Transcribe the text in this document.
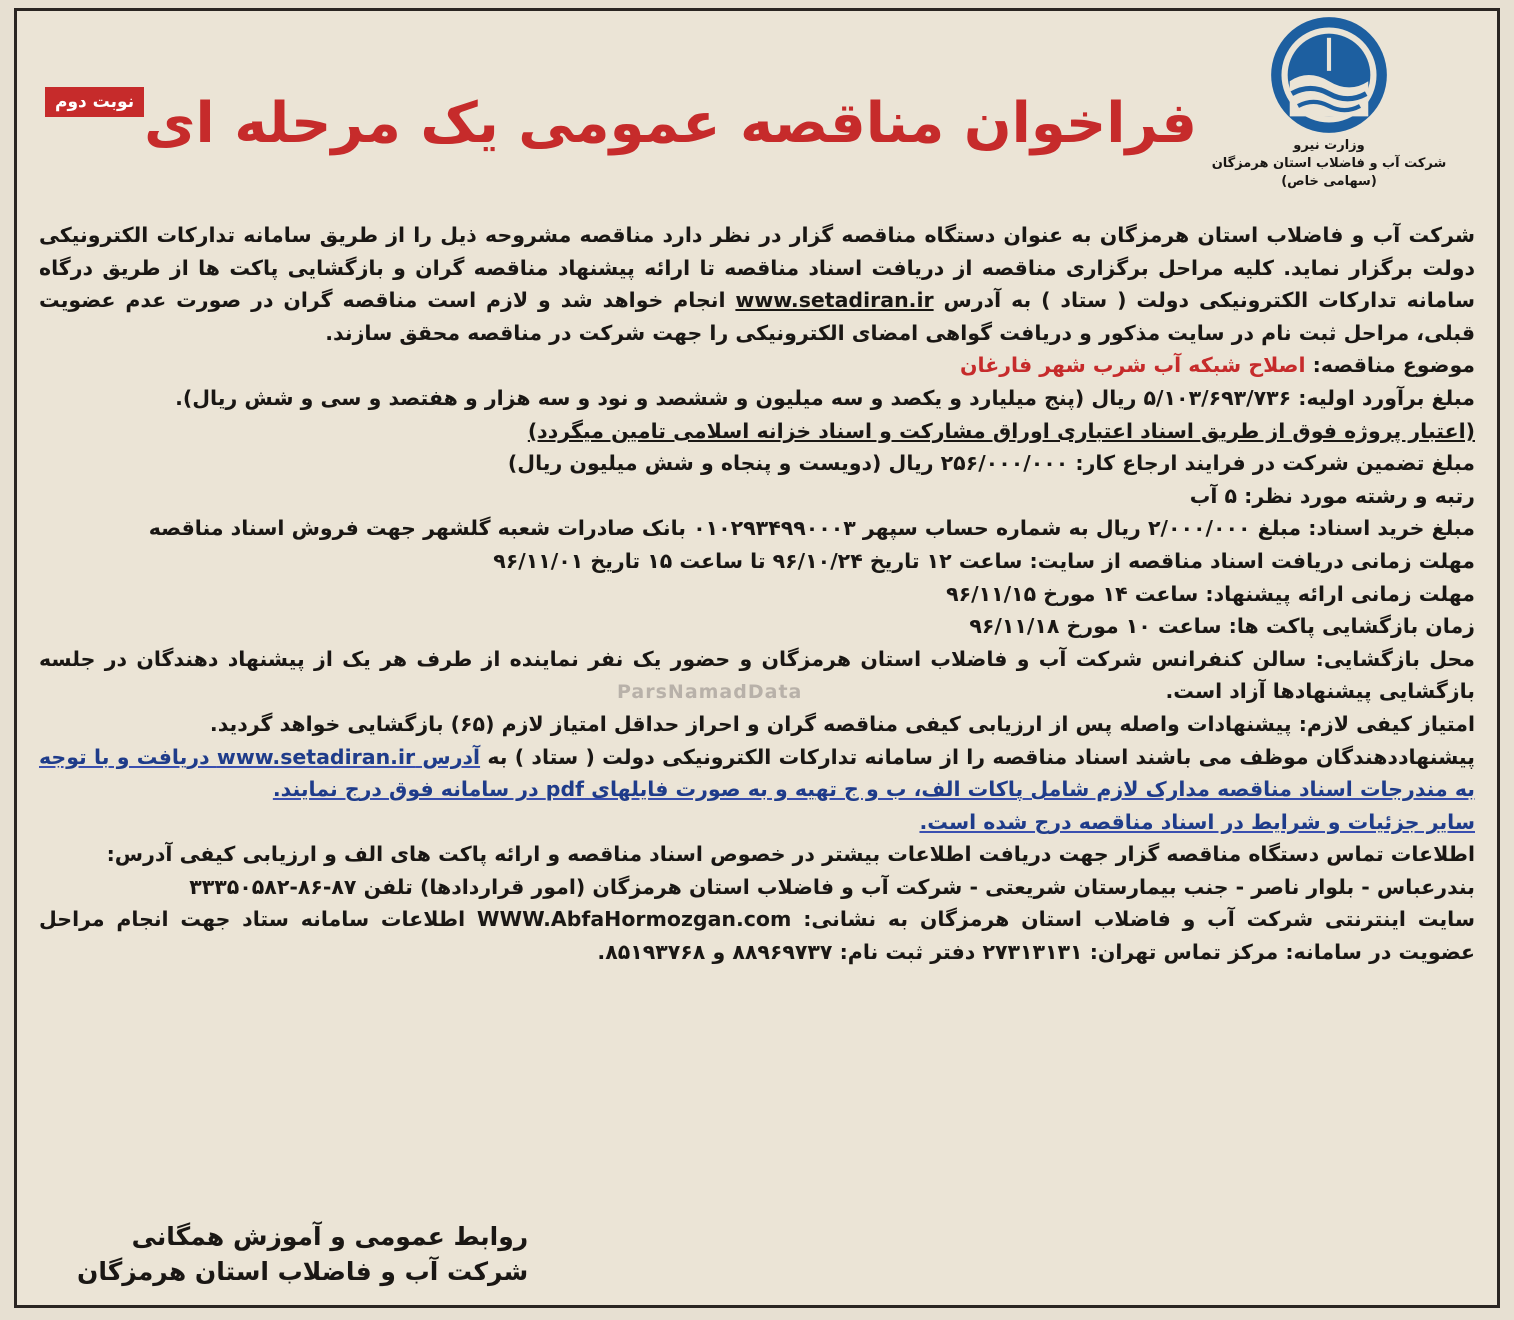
وزارت نیرو
شرکت آب و فاضلاب استان هرمزگان
(سهامی خاص)
فراخوان مناقصه عمومی یک مرحله ای
نوبت دوم

شرکت آب و فاضلاب استان هرمزگان به عنوان دستگاه مناقصه گزار در نظر دارد مناقصه مشروحه ذیل را از طریق سامانه تدارکات الکترونیکی دولت برگزار نماید. کلیه مراحل برگزاری مناقصه از دریافت اسناد مناقصه تا ارائه پیشنهاد مناقصه گران و بازگشایی پاکت ها از طریق درگاه سامانه تدارکات الکترونیکی دولت ( ستاد ) به آدرس www.setadiran.ir انجام خواهد شد و لازم است مناقصه گران در صورت عدم عضویت قبلی، مراحل ثبت نام در سایت مذکور و دریافت گواهی امضای الکترونیکی را جهت شرکت در مناقصه محقق سازند.

موضوع مناقصه: اصلاح شبکه آب شرب شهر فارغان

مبلغ برآورد اولیه: ۵/۱۰۳/۶۹۳/۷۳۶ ریال (پنج میلیارد و یکصد و سه میلیون و ششصد و نود و سه هزار و هفتصد و سی و شش ریال).

(اعتبار پروژه فوق از طریق اسناد اعتباری اوراق مشارکت و اسناد خزانه اسلامی تامین میگردد)

مبلغ تضمین شرکت در فرایند ارجاع کار: ۲۵۶/۰۰۰/۰۰۰ ریال (دویست و پنجاه و شش میلیون ریال)

رتبه و رشته مورد نظر: ۵ آب

مبلغ خرید اسناد: مبلغ ۲/۰۰۰/۰۰۰ ریال به شماره حساب سپهر ۰۱۰۲۹۳۴۹۹۰۰۰۳ بانک صادرات شعبه گلشهر جهت فروش اسناد مناقصه

مهلت زمانی دریافت اسناد مناقصه از سایت: ساعت ۱۲ تاریخ ۹۶/۱۰/۲۴ تا ساعت ۱۵ تاریخ ۹۶/۱۱/۰۱

مهلت زمانی ارائه پیشنهاد: ساعت ۱۴ مورخ ۹۶/۱۱/۱۵

زمان بازگشایی پاکت ها: ساعت ۱۰ مورخ ۹۶/۱۱/۱۸

محل بازگشایی: سالن کنفرانس شرکت آب و فاضلاب استان هرمزگان و حضور یک نفر نماینده از طرف هر یک از پیشنهاد دهندگان در جلسه بازگشایی پیشنهادها آزاد است.

امتیاز کیفی لازم: پیشنهادات واصله پس از ارزیابی کیفی مناقصه گران و احراز حداقل امتیاز لازم (۶۵) بازگشایی خواهد گردید.

پیشنهاددهندگان موظف می باشند اسناد مناقصه را از سامانه تدارکات الکترونیکی دولت ( ستاد ) به آدرس www.setadiran.ir دریافت و با توجه به مندرجات اسناد مناقصه مدارک لازم شامل پاکات الف، ب و ج تهیه و به صورت فایلهای pdf در سامانه فوق درج نمایند.

سایر جزئیات و شرایط در اسناد مناقصه درج شده است.

اطلاعات تماس دستگاه مناقصه گزار جهت دریافت اطلاعات بیشتر در خصوص اسناد مناقصه و ارائه پاکت های الف و ارزیابی کیفی آدرس:

بندرعباس - بلوار ناصر - جنب بیمارستان شریعتی - شرکت آب و فاضلاب استان هرمزگان (امور قراردادها) تلفن ۸۷-۸۶-۳۳۳۵۰۵۸۲

سایت اینترنتی شرکت آب و فاضلاب استان هرمزگان به نشانی: WWW.AbfaHormozgan.com اطلاعات سامانه ستاد جهت انجام مراحل عضویت در سامانه: مرکز تماس تهران: ۲۷۳۱۳۱۳۱ دفتر ثبت نام: ۸۸۹۶۹۷۳۷ و ۸۵۱۹۳۷۶۸.

ParsNamadData
روابط عمومی و آموزش همگانی
شرکت آب و فاضلاب استان هرمزگان
